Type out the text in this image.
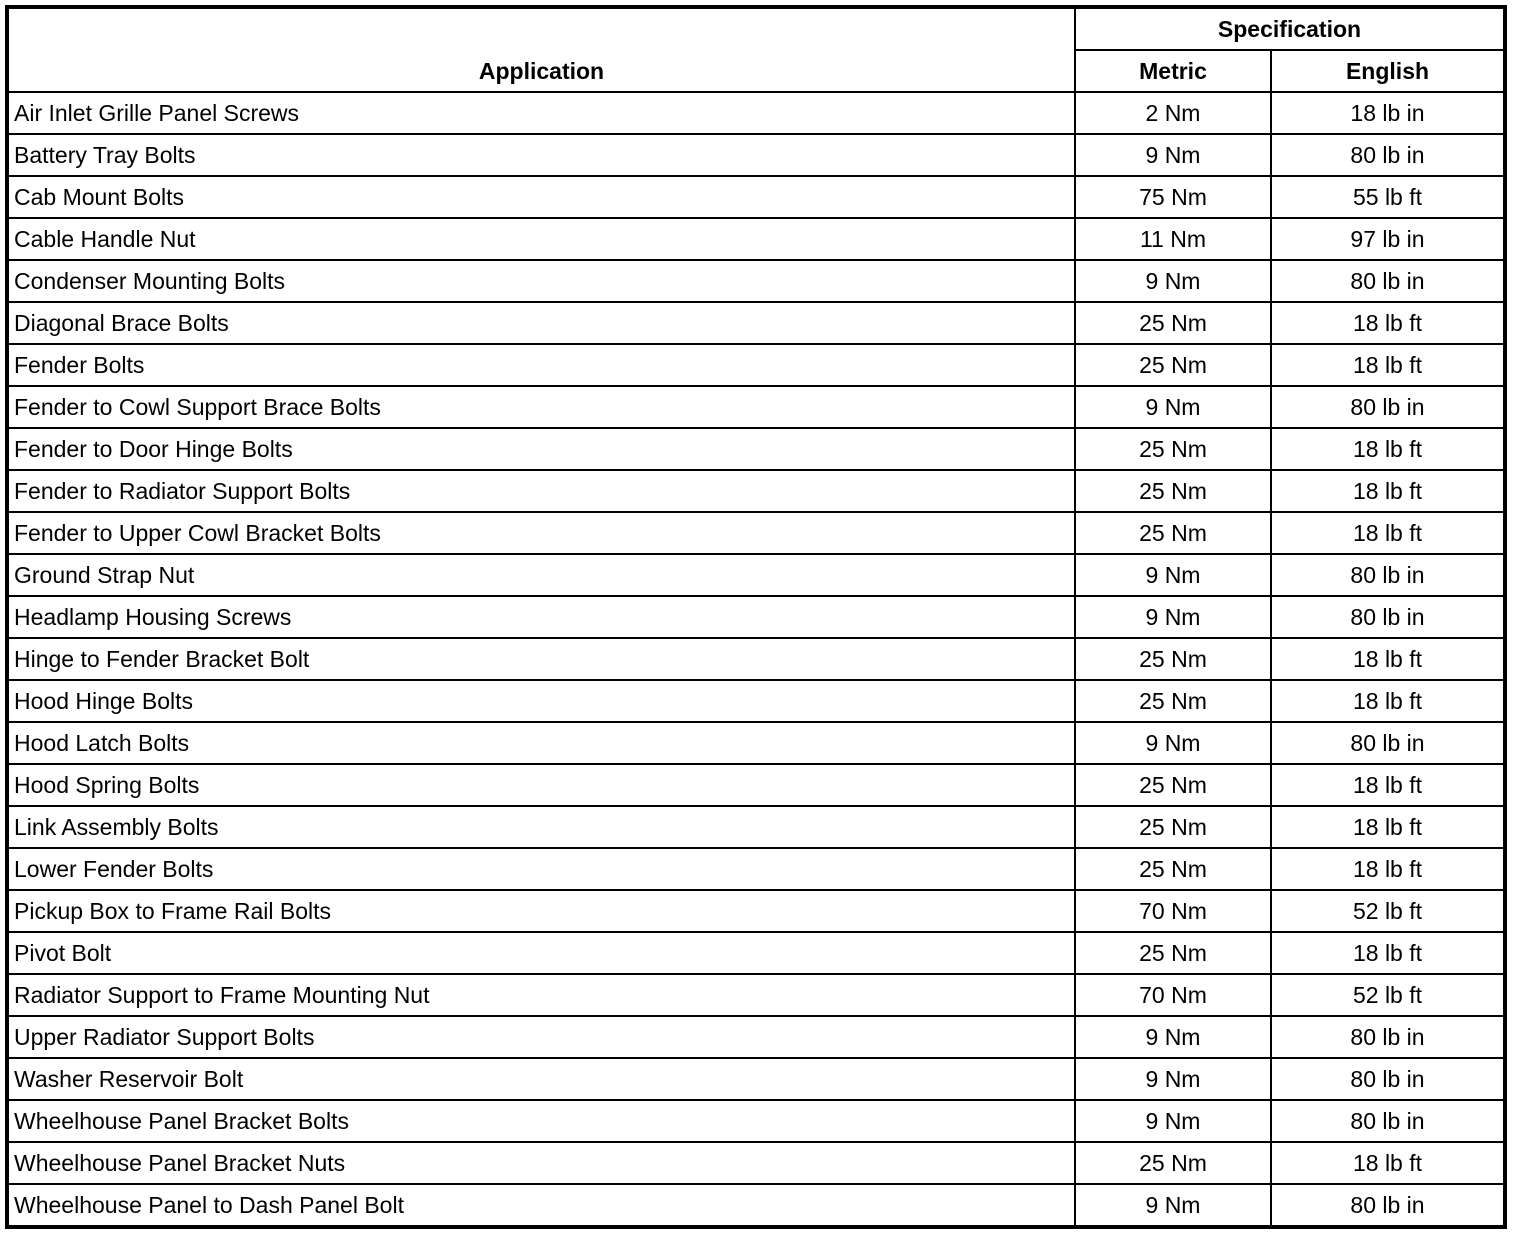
Application	Specification	
	Metric	English
Air Inlet Grille Panel Screws	2 Nm	18 lb in
Battery Tray Bolts	9 Nm	80 lb in
Cab Mount Bolts	75 Nm	55 lb ft
Cable Handle Nut	11 Nm	97 lb in
Condenser Mounting Bolts	9 Nm	80 lb in
Diagonal Brace Bolts	25 Nm	18 lb ft
Fender Bolts	25 Nm	18 lb ft
Fender to Cowl Support Brace Bolts	9 Nm	80 lb in
Fender to Door Hinge Bolts	25 Nm	18 lb ft
Fender to Radiator Support Bolts	25 Nm	18 lb ft
Fender to Upper Cowl Bracket Bolts	25 Nm	18 lb ft
Ground Strap Nut	9 Nm	80 lb in
Headlamp Housing Screws	9 Nm	80 lb in
Hinge to Fender Bracket Bolt	25 Nm	18 lb ft
Hood Hinge Bolts	25 Nm	18 lb ft
Hood Latch Bolts	9 Nm	80 lb in
Hood Spring Bolts	25 Nm	18 lb ft
Link Assembly Bolts	25 Nm	18 lb ft
Lower Fender Bolts	25 Nm	18 lb ft
Pickup Box to Frame Rail Bolts	70 Nm	52 lb ft
Pivot Bolt	25 Nm	18 lb ft
Radiator Support to Frame Mounting Nut	70 Nm	52 lb ft
Upper Radiator Support Bolts	9 Nm	80 lb in
Washer Reservoir Bolt	9 Nm	80 lb in
Wheelhouse Panel Bracket Bolts	9 Nm	80 lb in
Wheelhouse Panel Bracket Nuts	25 Nm	18 lb ft
Wheelhouse Panel to Dash Panel Bolt	9 Nm	80 lb in
